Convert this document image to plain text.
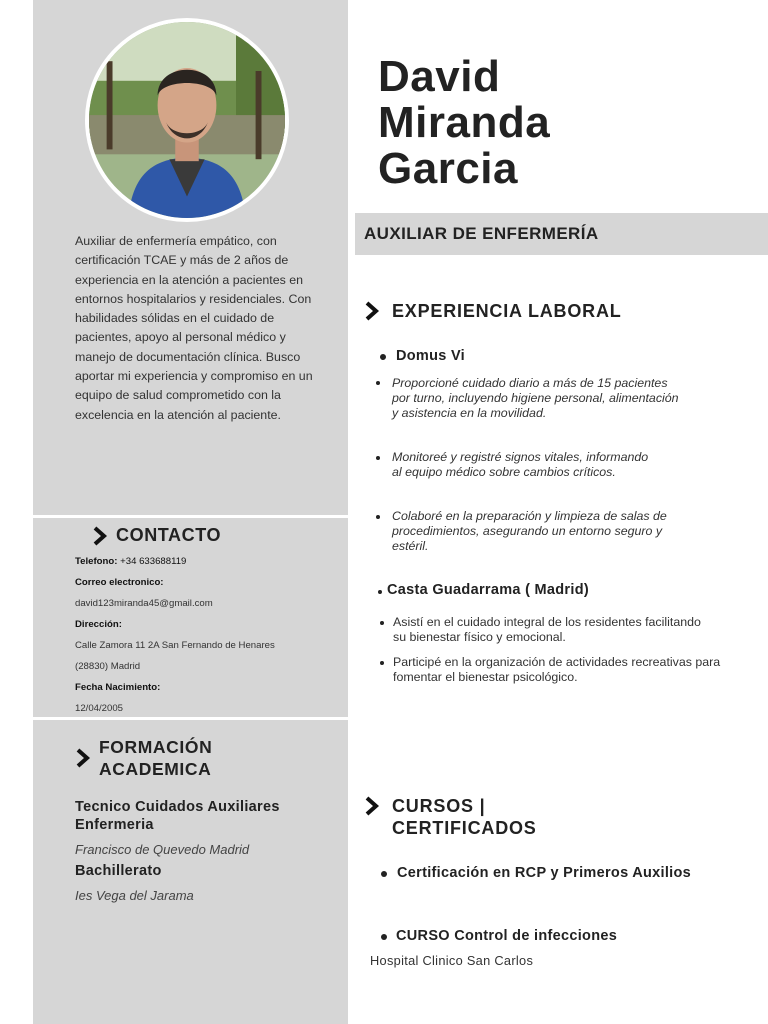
Auxiliar de enfermería empático, con certificación TCAE y más de 2 años de experiencia en la atención a pacientes en entornos hospitalarios y residenciales. Con habilidades sólidas en el cuidado de pacientes, apoyo al personal médico y manejo de documentación clínica. Busco aportar mi experiencia y compromiso en un equipo de salud comprometido con la excelencia en la atención al paciente.
CONTACTO
Telefono: +34 633688119
Correo electronico:
david123miranda45@gmail.com
Dirección:
Calle Zamora 11 2A San Fernando de Henares
(28830) Madrid
Fecha Nacimiento:
12/04/2005
FORMACIÓN
ACADEMICA
Tecnico Cuidados Auxiliares Enfermeria
Francisco de Quevedo Madrid
Bachillerato
Ies Vega del Jarama
David
Miranda
Garcia
AUXILIAR DE ENFERMERÍA
EXPERIENCIA LABORAL
Domus Vi
Proporcioné cuidado diario a más de 15 pacientes por turno, incluyendo higiene personal, alimentación y asistencia en la movilidad.
Monitoreé y registré signos vitales, informando al equipo médico sobre cambios críticos.
Colaboré en la preparación y limpieza de salas de procedimientos, asegurando un entorno seguro y estéril.
Casta Guadarrama ( Madrid)
Asistí en el cuidado integral de los residentes facilitando su bienestar físico y emocional.
Participé en la organización de actividades recreativas para fomentar el bienestar psicológico.
CURSOS |
CERTIFICADOS
Certificación en RCP y Primeros Auxilios
CURSO Control de infecciones
Hospital Clinico San Carlos
